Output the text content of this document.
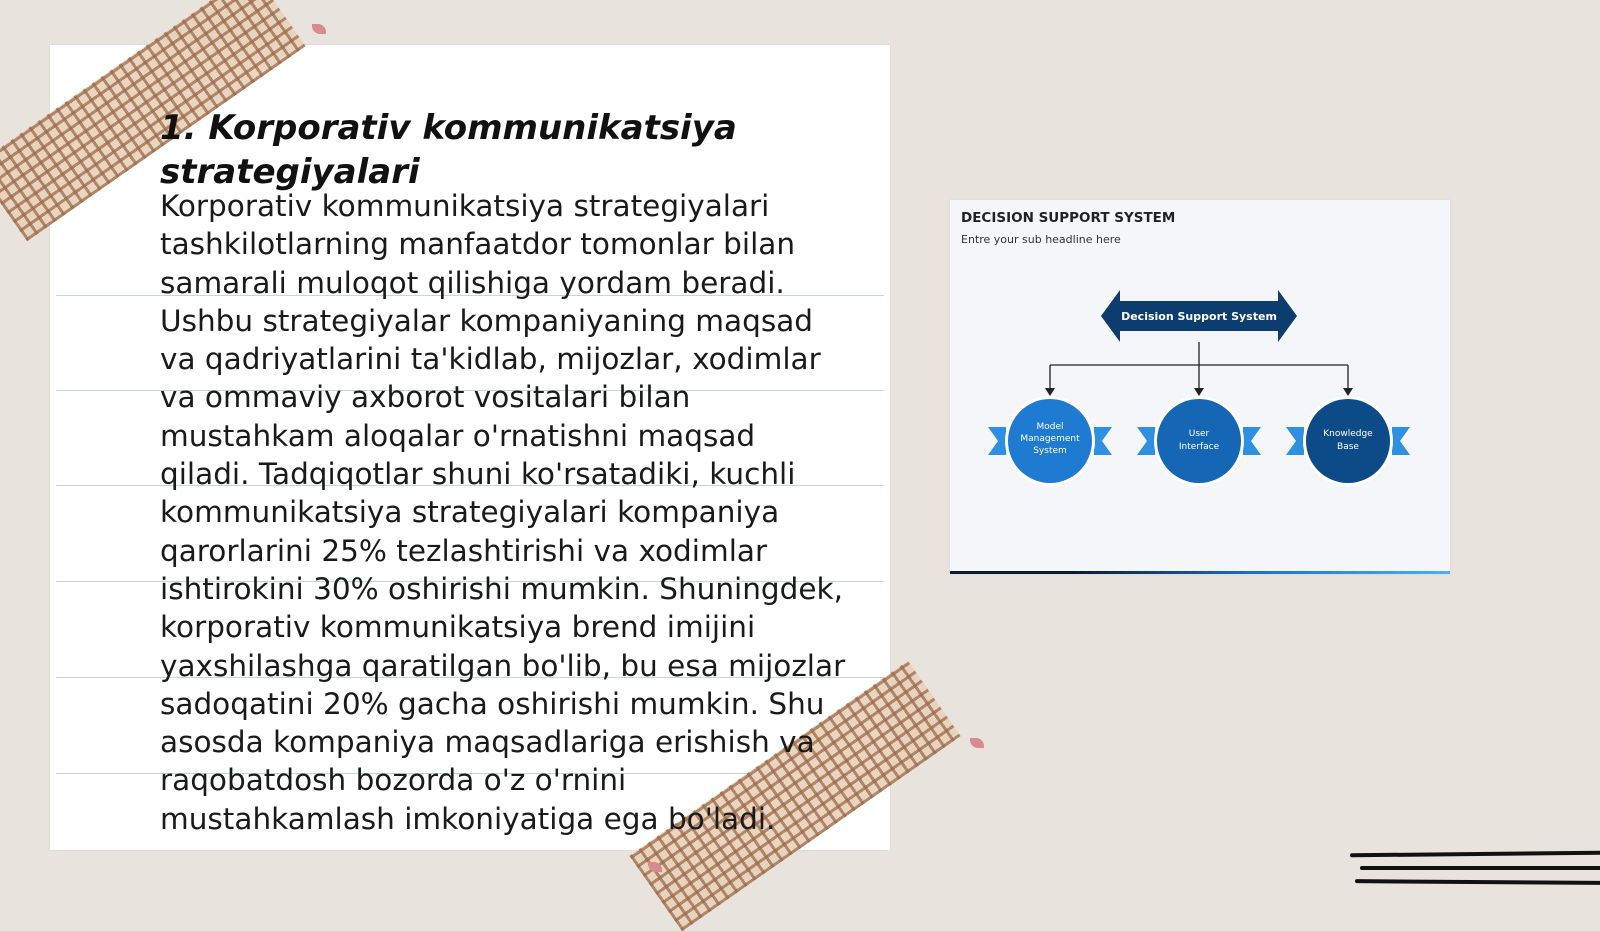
1. Korporativ kommunikatsiya strategiyalari

Korporativ kommunikatsiya strategiyalari tashkilotlarning manfaatdor tomonlar bilan samarali muloqot qilishiga yordam beradi. Ushbu strategiyalar kompaniyaning maqsad va qadriyatlarini ta'kidlab, mijozlar, xodimlar va ommaviy axborot vositalari bilan mustahkam aloqalar o'rnatishni maqsad qiladi. Tadqiqotlar shuni ko'rsatadiki, kuchli kommunikatsiya strategiyalari kompaniya qarorlarini 25% tezlashtirishi va xodimlar ishtirokini 30% oshirishi mumkin. Shuningdek, korporativ kommunikatsiya brend imijini yaxshilashga qaratilgan bo'lib, bu esa mijozlar sadoqatini 20% gacha oshirishi mumkin. Shu asosda kompaniya maqsadlariga erishish va raqobatdosh bozorda o'z o'rnini mustahkamlash imkoniyatiga ega bo'ladi.

DECISION SUPPORT SYSTEM

Entre your sub headline here

Decision Support System
Model
Management
System
User
Interface
Knowledge
Base
